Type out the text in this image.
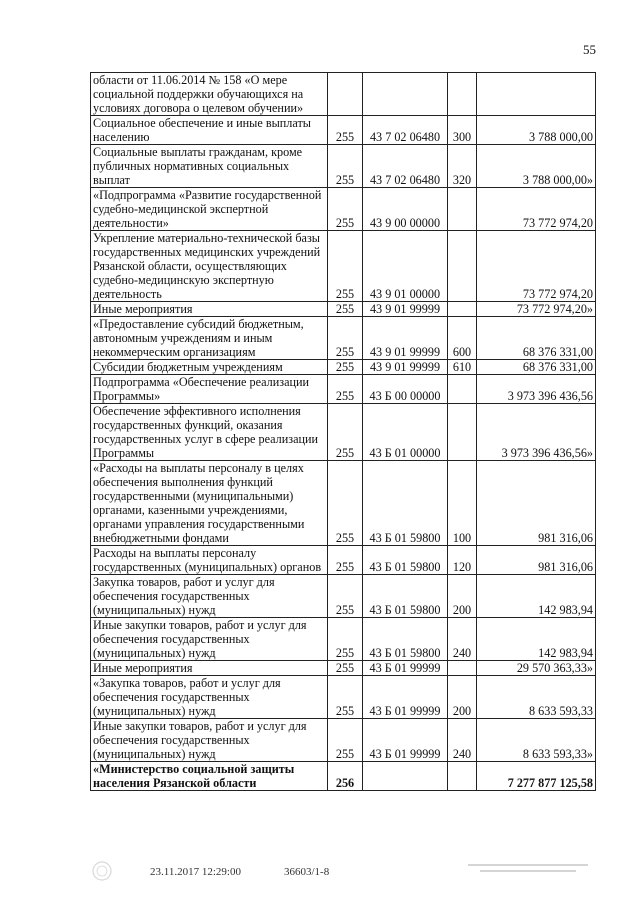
55
области от 11.06.2014 № 158 «О мере социальной поддержки обучающихся на условиях договора о целевом обучении»				
Социальное обеспечение и иные выплаты населению	255	43 7 02 06480	300	3 788 000,00
Социальные выплаты гражданам, кроме публичных нормативных социальных выплат	255	43 7 02 06480	320	3 788 000,00»
«Подпрограмма «Развитие государственной судебно-медицинской экспертной деятельности»	255	43 9 00 00000		73 772 974,20
Укрепление материально-технической базы государственных медицинских учреждений Рязанской области, осуществляющих судебно-медицинскую экспертную деятельность	255	43 9 01 00000		73 772 974,20
Иные мероприятия	255	43 9 01 99999		73 772 974,20»
«Предоставление субсидий бюджетным, автономным учреждениям и иным некоммерческим организациям	255	43 9 01 99999	600	68 376 331,00
Субсидии бюджетным учреждениям	255	43 9 01 99999	610	68 376 331,00
Подпрограмма «Обеспечение реализации Программы»	255	43 Б 00 00000		3 973 396 436,56
Обеспечение эффективного исполнения государственных функций, оказания государственных услуг в сфере реализации Программы	255	43 Б 01 00000		3 973 396 436,56»
«Расходы на выплаты персоналу в целях обеспечения выполнения функций государственными (муниципальными) органами, казенными учреждениями, органами управления государственными внебюджетными фондами	255	43 Б 01 59800	100	981 316,06
Расходы на выплаты персоналу государственных (муниципальных) органов	255	43 Б 01 59800	120	981 316,06
Закупка товаров, работ и услуг для обеспечения государственных (муниципальных) нужд	255	43 Б 01 59800	200	142 983,94
Иные закупки товаров, работ и услуг для обеспечения государственных (муниципальных) нужд	255	43 Б 01 59800	240	142 983,94
Иные мероприятия	255	43 Б 01 99999		29 570 363,33»
«Закупка товаров, работ и услуг для обеспечения государственных (муниципальных) нужд	255	43 Б 01 99999	200	8 633 593,33
Иные закупки товаров, работ и услуг для обеспечения государственных (муниципальных) нужд	255	43 Б 01 99999	240	8 633 593,33»
«Министерство социальной защиты населения Рязанской области	256			7 277 877 125,58
23.11.2017 12:29:00	36603/1-8
